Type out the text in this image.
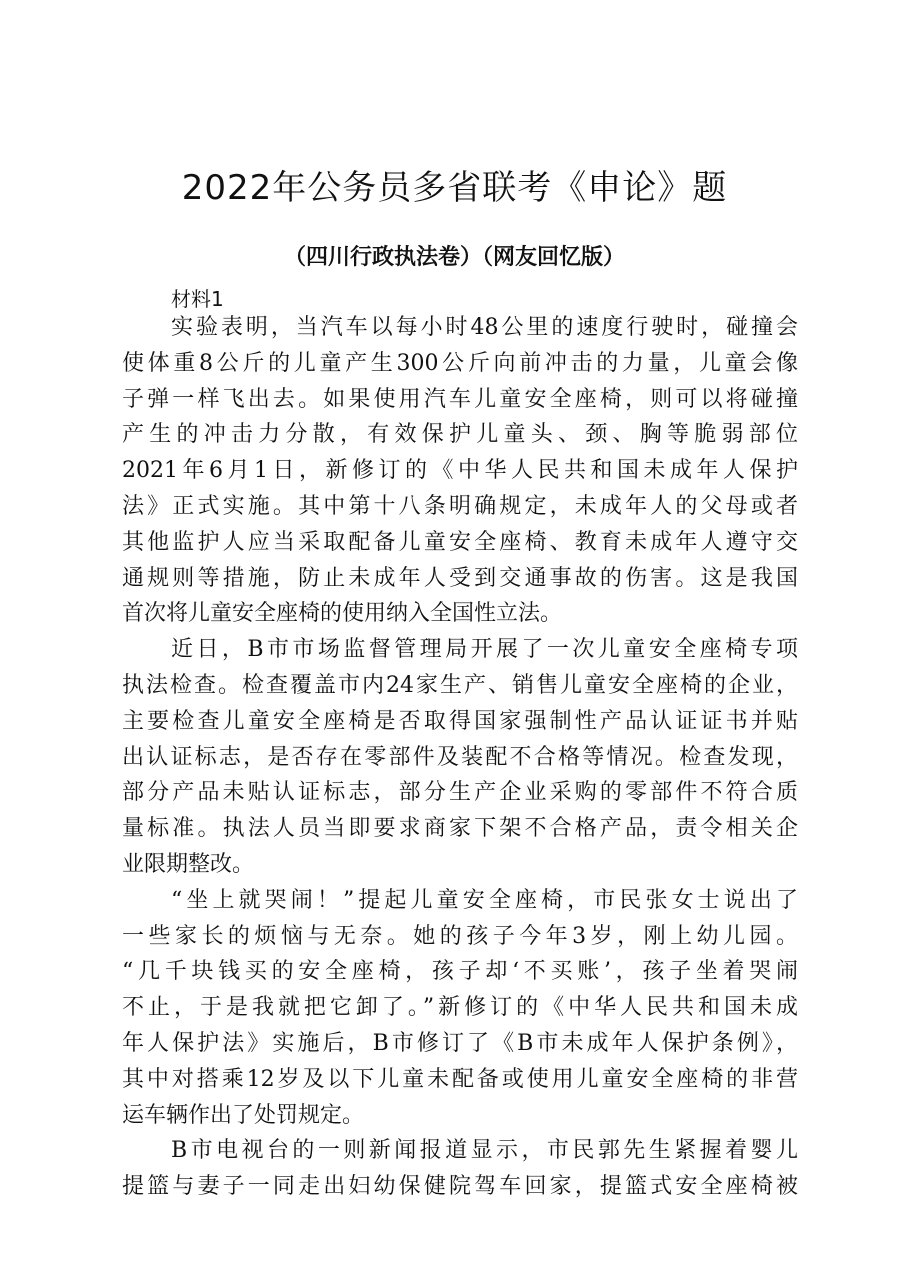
2022年公务员多省联考《申论》题
（四川行政执法卷）（网友回忆版）
材料1
实验表明，当汽车以每小时48公里的速度行驶时，碰撞会
使体重8公斤的儿童产生300公斤向前冲击的力量，儿童会像
子弹一样飞出去。如果使用汽车儿童安全座椅，则可以将碰撞
产生的冲击力分散，有效保护儿童头、颈、胸等脆弱部位
2021年6月1日，新修订的《中华人民共和国未成年人保护
法》正式实施。其中第十八条明确规定，未成年人的父母或者
其他监护人应当采取配备儿童安全座椅、教育未成年人遵守交
通规则等措施，防止未成年人受到交通事故的伤害。这是我国
首次将儿童安全座椅的使用纳入全国性立法。
近日，B市市场监督管理局开展了一次儿童安全座椅专项
执法检查。检查覆盖市内24家生产、销售儿童安全座椅的企业，
主要检查儿童安全座椅是否取得国家强制性产品认证证书并贴
出认证标志，是否存在零部件及装配不合格等情况。检查发现，
部分产品未贴认证标志，部分生产企业采购的零部件不符合质
量标准。执法人员当即要求商家下架不合格产品，责令相关企
业限期整改。
“坐上就哭闹！”提起儿童安全座椅，市民张女士说出了
一些家长的烦恼与无奈。她的孩子今年3岁，刚上幼儿园。
“几千块钱买的安全座椅，孩子却‘不买账’，孩子坐着哭闹
不止，于是我就把它卸了。”新修订的《中华人民共和国未成
年人保护法》实施后，B市修订了《B市未成年人保护条例》，
其中对搭乘12岁及以下儿童未配备或使用儿童安全座椅的非营
运车辆作出了处罚规定。
B市电视台的一则新闻报道显示，市民郭先生紧握着婴儿
提篮与妻子一同走出妇幼保健院驾车回家，提篮式安全座椅被
